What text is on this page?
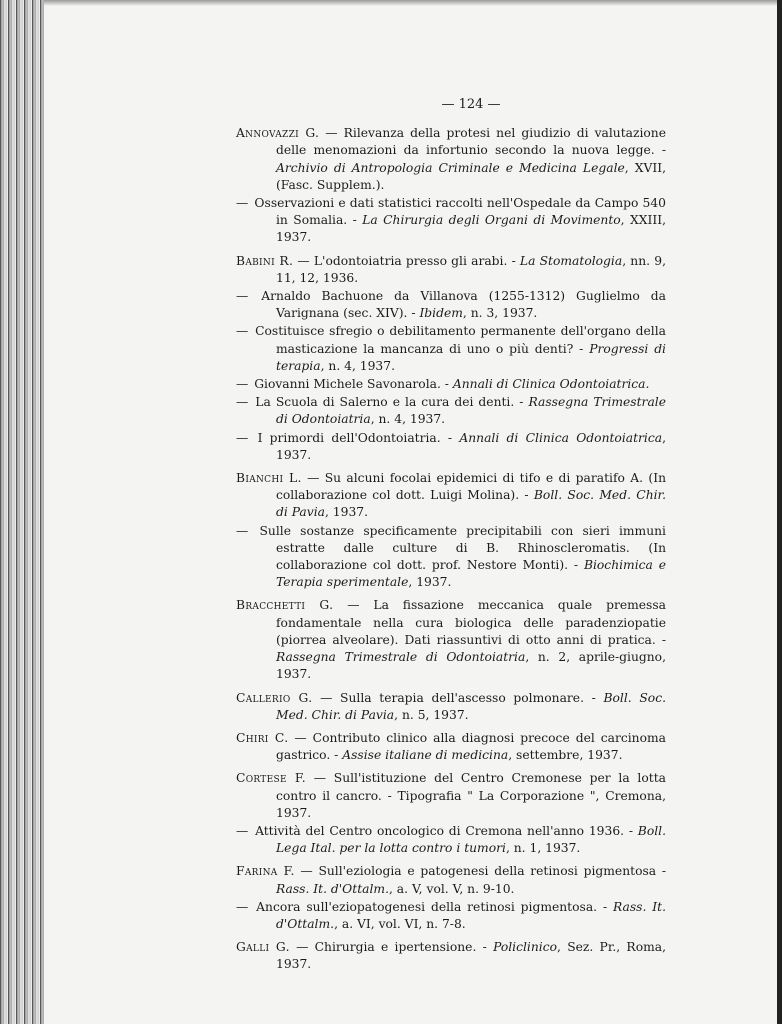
— 124 —
Annovazzi G. — Rilevanza della protesi nel giudizio di valutazione delle menomazioni da infortunio secondo la nuova legge. - Archivio di Antropologia Criminale e Medicina Legale, XVII, (Fasc. Supplem.).
— Osservazioni e dati statistici raccolti nell'Ospedale da Campo 540 in Somalia. - La Chirurgia degli Organi di Movimento, XXIII, 1937.
Babini R. — L'odontoiatria presso gli arabi. - La Stomatologia, nn. 9, 11, 12, 1936.
— Arnaldo Bachuone da Villanova (1255-1312) Guglielmo da Varignana (sec. XIV). - Ibidem, n. 3, 1937.
— Costituisce sfregio o debilitamento permanente dell'organo della masticazione la mancanza di uno o più denti? - Progressi di terapia, n. 4, 1937.
— Giovanni Michele Savonarola. - Annali di Clinica Odontoiatrica.
— La Scuola di Salerno e la cura dei denti. - Rassegna Trimestrale di Odontoiatria, n. 4, 1937.
— I primordi dell'Odontoiatria. - Annali di Clinica Odontoiatrica, 1937.
Bianchi L. — Su alcuni focolai epidemici di tifo e di paratifo A. (In collaborazione col dott. Luigi Molina). - Boll. Soc. Med. Chir. di Pavia, 1937.
— Sulle sostanze specificamente precipitabili con sieri immuni estratte dalle culture di B. Rhinoscleromatis. (In collaborazione col dott. prof. Nestore Monti). - Biochimica e Terapia sperimentale, 1937.
Bracchetti G. — La fissazione meccanica quale premessa fondamentale nella cura biologica delle paradenziopatie (piorrea alveolare). Dati riassuntivi di otto anni di pratica. - Rassegna Trimestrale di Odontoiatria, n. 2, aprile-giugno, 1937.
Callerio G. — Sulla terapia dell'ascesso polmonare. - Boll. Soc. Med. Chir. di Pavia, n. 5, 1937.
Chiri C. — Contributo clinico alla diagnosi precoce del carcinoma gastrico. - Assise italiane di medicina, settembre, 1937.
Cortese F. — Sull'istituzione del Centro Cremonese per la lotta contro il cancro. - Tipografia " La Corporazione ", Cremona, 1937.
— Attività del Centro oncologico di Cremona nell'anno 1936. - Boll. Lega Ital. per la lotta contro i tumori, n. 1, 1937.
Farina F. — Sull'eziologia e patogenesi della retinosi pigmentosa - Rass. It. d'Ottalm., a. V, vol. V, n. 9-10.
— Ancora sull'eziopatogenesi della retinosi pigmentosa. - Rass. It. d'Ottalm., a. VI, vol. VI, n. 7-8.
Galli G. — Chirurgia e ipertensione. - Policlinico, Sez. Pr., Roma, 1937.
